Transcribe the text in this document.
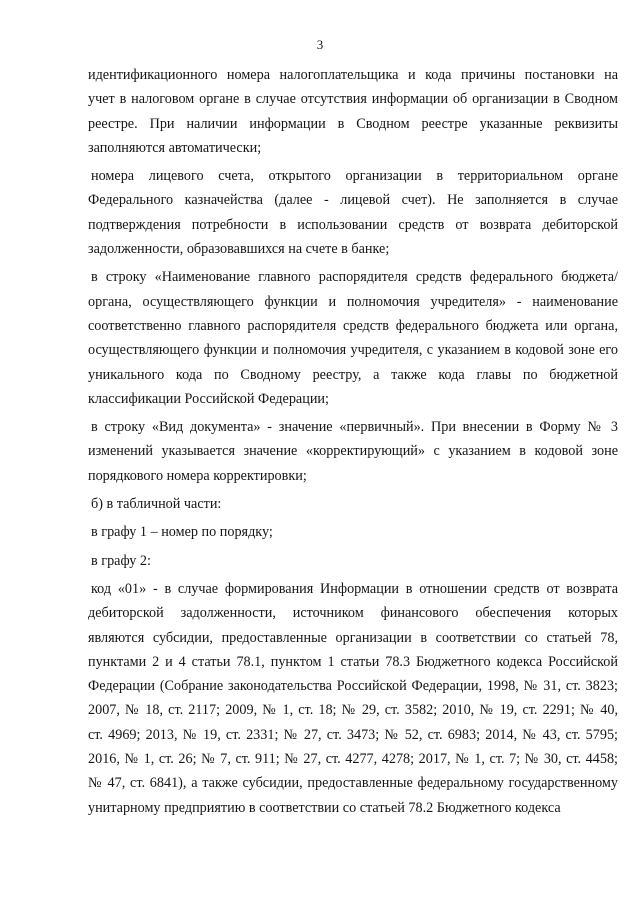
3
идентификационного номера налогоплательщика и кода причины постановки на
учет в налоговом органе в случае отсутствия информации об организации в Сводном
реестре. При наличии информации в Сводном реестре указанные реквизиты
заполняются автоматически;
номера лицевого счета, открытого организации в территориальном органе
Федерального казначейства (далее - лицевой счет). Не заполняется в случае
подтверждения потребности в использовании средств от возврата дебиторской
задолженности, образовавшихся на счете в банке;
в строку «Наименование главного распорядителя средств федерального бюджета/
органа, осуществляющего функции и полномочия учредителя» - наименование
соответственно главного распорядителя средств федерального бюджета или органа,
осуществляющего функции и полномочия учредителя, с указанием в кодовой зоне его
уникального кода по Сводному реестру, а также кода главы по бюджетной
классификации Российской Федерации;
в строку «Вид документа» - значение «первичный». При внесении в Форму № 3
изменений указывается значение «корректирующий» с указанием в кодовой зоне
порядкового номера корректировки;
б) в табличной части:
в графу 1 – номер по порядку;
в графу 2:
код «01» - в случае формирования Информации в отношении средств от возврата
дебиторской задолженности, источником финансового обеспечения которых
являются субсидии, предоставленные организации в соответствии со статьей 78,
пунктами 2 и 4 статьи 78.1, пунктом 1 статьи 78.3 Бюджетного кодекса Российской
Федерации (Собрание законодательства Российской Федерации, 1998, № 31, ст. 3823;
2007, № 18, ст. 2117; 2009, № 1, ст. 18; № 29, ст. 3582; 2010, № 19, ст. 2291; № 40,
ст. 4969; 2013, № 19, ст. 2331; № 27, ст. 3473; № 52, ст. 6983; 2014, № 43, ст. 5795;
2016, № 1, ст. 26; № 7, ст. 911; № 27, ст. 4277, 4278; 2017, № 1, ст. 7; № 30, ст. 4458;
№ 47, ст. 6841), а также субсидии, предоставленные федеральному государственному
унитарному предприятию в соответствии со статьей 78.2 Бюджетного кодекса
